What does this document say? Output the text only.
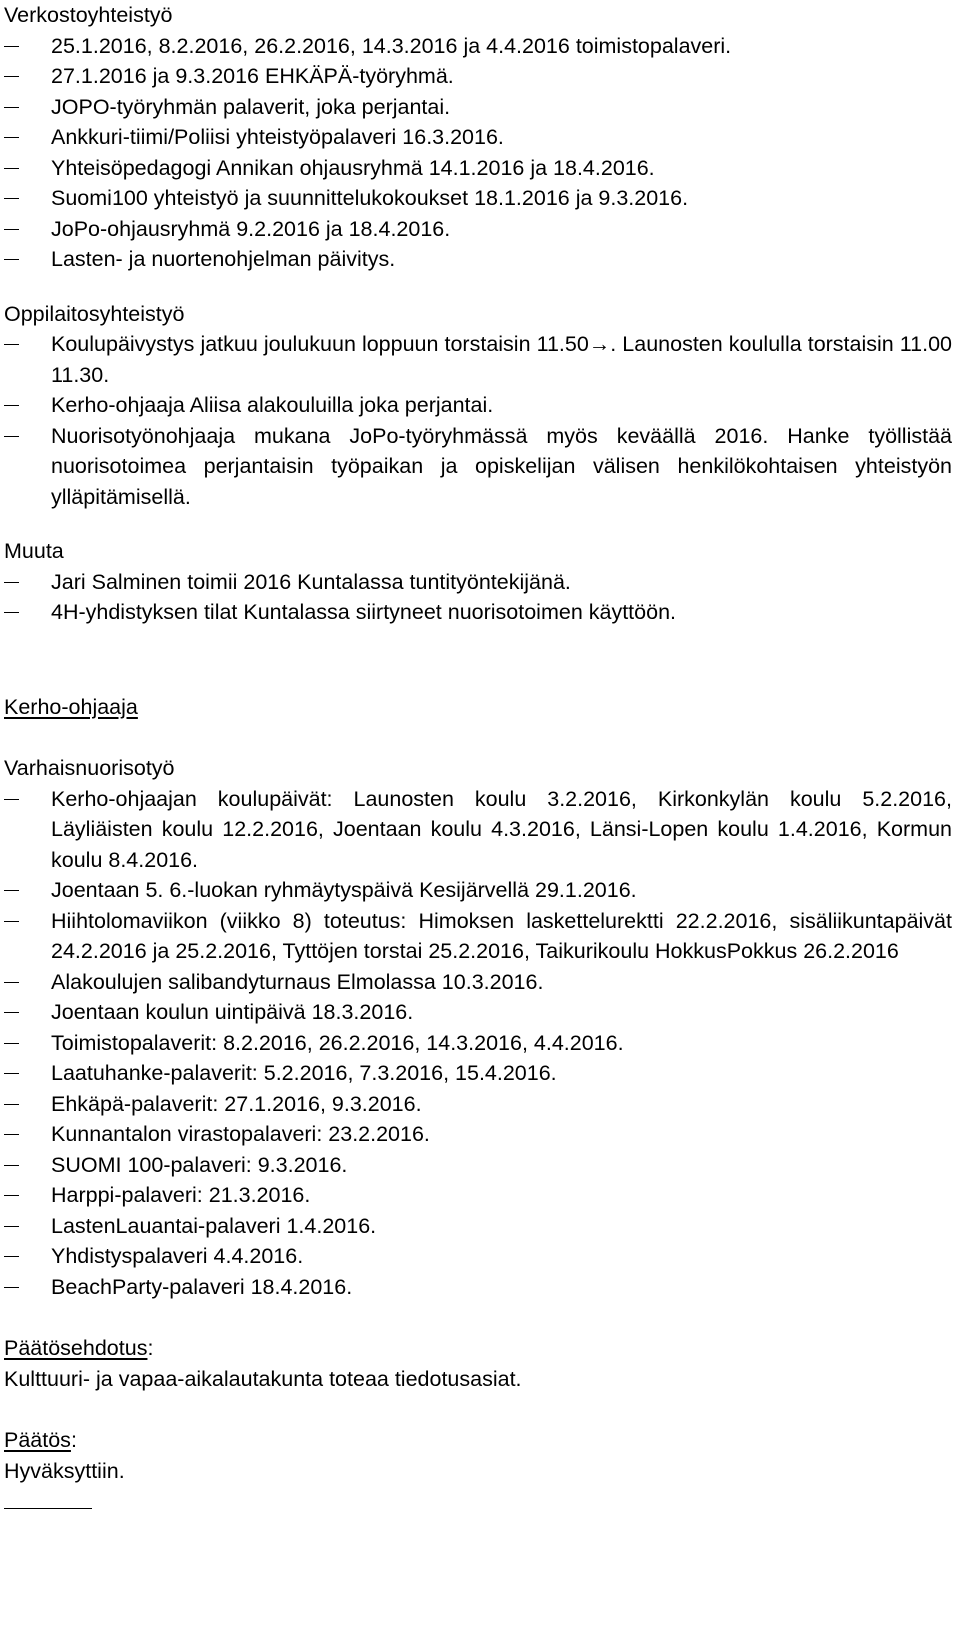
Verkostoyhteistyö
25.1.2016, 8.2.2016, 26.2.2016, 14.3.2016 ja 4.4.2016 toimistopalaveri.
27.1.2016 ja 9.3.2016 EHKÄPÄ-työryhmä.
JOPO-työryhmän palaverit, joka perjantai.
Ankkuri-tiimi/Poliisi yhteistyöpalaveri 16.3.2016.
Yhteisöpedagogi Annikan ohjausryhmä 14.1.2016 ja 18.4.2016.
Suomi100 yhteistyö ja suunnittelukokoukset 18.1.2016 ja 9.3.2016.
JoPo-ohjausryhmä 9.2.2016 ja 18.4.2016.
Lasten- ja nuortenohjelman päivitys.
Oppilaitosyhteistyö
Koulupäivystys jatkuu joulukuun loppuun torstaisin 11.50→. Launosten koululla torstaisin 11.00 11.30.
Kerho-ohjaaja Aliisa alakouluilla joka perjantai.
Nuorisotyönohjaaja mukana JoPo-työryhmässä myös keväällä 2016. Hanke työllistää nuorisotoimea perjantaisin työpaikan ja opiskelijan välisen henkilökohtaisen yhteistyön ylläpitämisellä.
Muuta
Jari Salminen toimii 2016 Kuntalassa tuntityöntekijänä.
4H-yhdistyksen tilat Kuntalassa siirtyneet nuorisotoimen käyttöön.
Kerho-ohjaaja
Varhaisnuorisotyö
Kerho-ohjaajan koulupäivät: Launosten koulu 3.2.2016, Kirkonkylän koulu 5.2.2016, Läyliäisten koulu 12.2.2016, Joentaan koulu 4.3.2016, Länsi-Lopen koulu 1.4.2016, Kormun koulu 8.4.2016.
Joentaan 5. 6.-luokan ryhmäytyspäivä Kesijärvellä 29.1.2016.
Hiihtolomaviikon (viikko 8) toteutus: Himoksen laskettelurektti 22.2.2016, sisäliikuntapäivät 24.2.2016 ja 25.2.2016, Tyttöjen torstai 25.2.2016, Taikurikoulu HokkusPokkus 26.2.2016
Alakoulujen salibandyturnaus Elmolassa 10.3.2016.
Joentaan koulun uintipäivä 18.3.2016.
Toimistopalaverit: 8.2.2016, 26.2.2016, 14.3.2016, 4.4.2016.
Laatuhanke-palaverit: 5.2.2016, 7.3.2016, 15.4.2016.
Ehkäpä-palaverit: 27.1.2016, 9.3.2016.
Kunnantalon virastopalaveri: 23.2.2016.
SUOMI 100-palaveri: 9.3.2016.
Harppi-palaveri: 21.3.2016.
LastenLauantai-palaveri 1.4.2016.
Yhdistyspalaveri 4.4.2016.
BeachParty-palaveri 18.4.2016.
Päätösehdotus:

Kulttuuri- ja vapaa-aikalautakunta toteaa tiedotusasiat.

Päätös:

Hyväksyttiin.
